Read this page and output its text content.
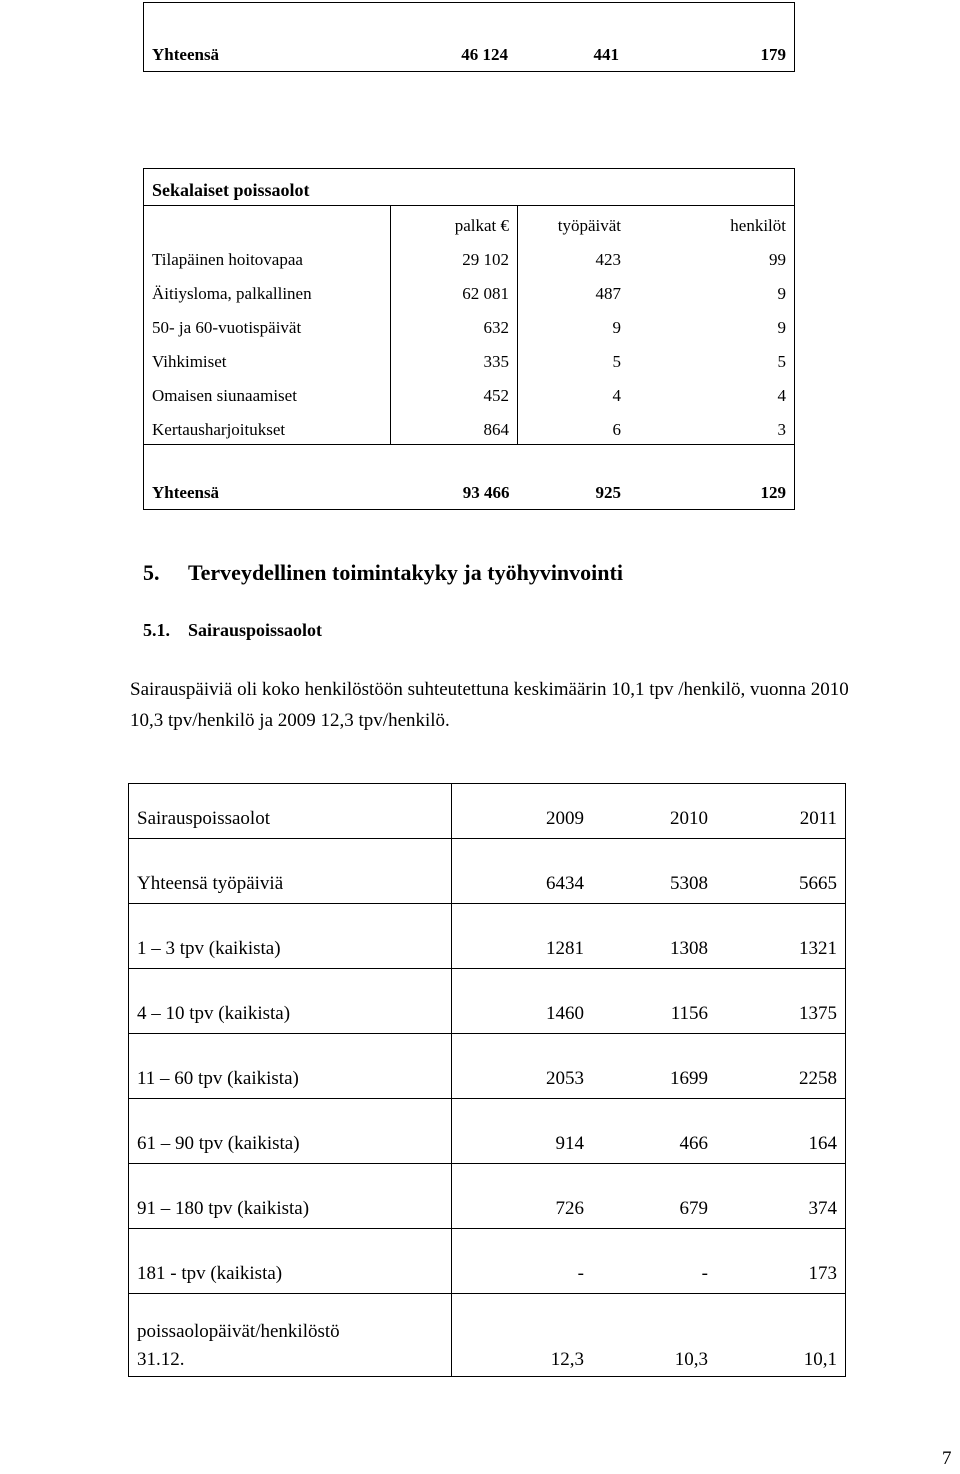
Yhteensä	46 124	441	179
Sekalaiset poissaolot			
	palkat €	työpäivät	henkilöt
Tilapäinen hoitovapaa	29 102	423	99
Äitiysloma, palkallinen	62 081	487	9
50- ja 60-vuotispäivät	632	9	9
Vihkimiset	335	5	5
Omaisen siunaamiset	452	4	4
Kertausharjoitukset	864	6	3
Yhteensä	93 466	925	129
5. Terveydellinen toimintakyky ja työhyvinvointi
5.1. Sairauspoissaolot

Sairauspäiviä oli koko henkilöstöön suhteutettuna keskimäärin 10,1 tpv /henkilö, vuonna 2010 10,3 tpv/henkilö ja 2009 12,3 tpv/henkilö.

Sairauspoissaolot	2009	2010	2011
Yhteensä työpäiviä	6434	5308	5665
1 – 3 tpv (kaikista)	1281	1308	1321
4 – 10 tpv (kaikista)	1460	1156	1375
11 – 60 tpv (kaikista)	2053	1699	2258
61 – 90 tpv (kaikista)	914	466	164
91 – 180 tpv (kaikista)	726	679	374
181 - tpv (kaikista)	-	-	173
poissaolopäivät/henkilöstö
31.12.	12,3	10,3	10,1

7
